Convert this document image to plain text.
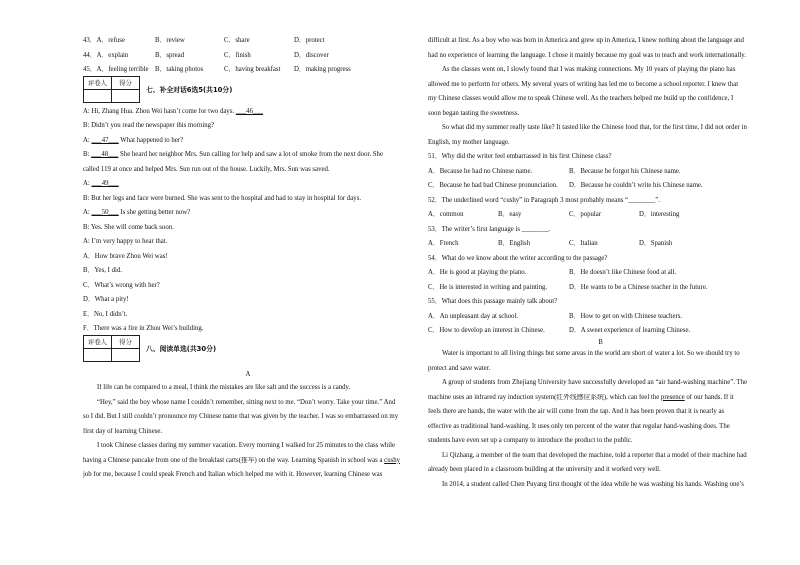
43．A．refuse	B．review	C．share	D．protect
44．A．explain	B．spread	C．finish	D．discover
45．A．feeling terrible B．taking photos	C．having breakfast D．making progress
评卷人	得分

七、补全对话6选5(共10分)
A: Hi, Zhang Hua. Zhou Wei hasn’t come for two days. ___46___
B: Didn’t you read the newspaper this morning?
A: ___47___ What happened to her?
B: ___48___ She heard her neighbor Mrs. Sun calling for help and saw a lot of smoke from the next door. She
called 119 at once and helped Mrs. Sun run out of the house. Luckily, Mrs. Sun was saved.
A: ___49___
B: But her legs and face were burned. She was sent to the hospital and had to stay in hospital for days.
A: ___50___ Is she getting better now?
B: Yes. She will come back soon.
A: I’m very happy to hear that.
A．How brave Zhou Wei was!
B．Yes, I did.
C．What’s wrong with her?
D．What a pity!
E．No, I didn’t.
F．There was a fire in Zhou Wei’s building.
评卷人	得分

八、阅读单选(共30分)
A
If life can be compared to a meal, I think the mistakes are like salt and the success is a candy.
“Hey,” said the boy whose name I couldn’t remember, sitting next to me. “Don’t worry. Take your time.” And
so I did. But I still couldn’t pronounce my Chinese name that was given by the teacher. I was so embarrassed on my
first day of learning Chinese.
I took Chinese classes during my summer vacation. Every morning I walked for 25 minutes to the class while
having a Chinese pancake from one of the breakfast carts(推车) on the way. Learning Spanish in school was a cushy
job for me, because I could speak French and Italian which helped me with it. However, learning Chinese was
difficult at first. As a boy who was born in America and grew up in America, I knew nothing about the language and
had no experience of learning the language. I chose it mainly because my goal was to teach and work internationally.
As the classes went on, I slowly found that I was making connections. My 10 years of playing the piano has
allowed me to perform for others. My several years of writing has led me to become a school reporter. I knew that
my Chinese classes would allow me to speak Chinese well. As the teachers helped me build up the confidence, I
soon began tasting the sweetness.
So what did my summer really taste like? It tasted like the Chinese food that, for the first time, I did not order in
English, my mother language.
51．Why did the writer feel embarrassed in his first Chinese class?
A．Because he had no Chinese name.	B．Because he forgot his Chinese name.
C．Because he had bad Chinese pronunciation. D．Because he couldn’t write his Chinese name.
52．The underlined word “cushy” in Paragraph 3 most probably means “________”.
A．common	B．easy	C．popular	D．interesting
53．The writer’s first language is ________.
A．French	B．English	C．Italian	D．Spanish
54．What do we know about the writer according to the passage?
A．He is good at playing the piano.	B．He doesn’t like Chinese food at all.
C．He is interested in writing and painting.	D．He wants to be a Chinese teacher in the future.
55．What does this passage mainly talk about?
A．An unpleasant day at school.	B．How to get on with Chinese teachers.
C．How to develop an interest in Chinese.	D．A sweet experience of learning Chinese.
B
Water is important to all living things but some areas in the world are short of water a lot. So we should try to
protect and save water.
A group of students from Zhejiang University have successfully developed an “air hand-washing machine”. The
machine uses an infrared ray induction system(红外线感应系统), which can feel the presence of our hands. If it
feels there are hands, the water with the air will come from the tap. And it has been proven that it is nearly as
effective as traditional hand-washing. It uses only ten percent of the water that regular hand-washing does. The
students have even set up a company to introduce the product to the public.
Li Qizhang, a member of the team that developed the machine, told a reporter that a model of their machine had
already been placed in a classroom building at the university and it worked very well.
In 2014, a student called Chen Puyang first thought of the idea while he was washing his hands. Washing one’s
